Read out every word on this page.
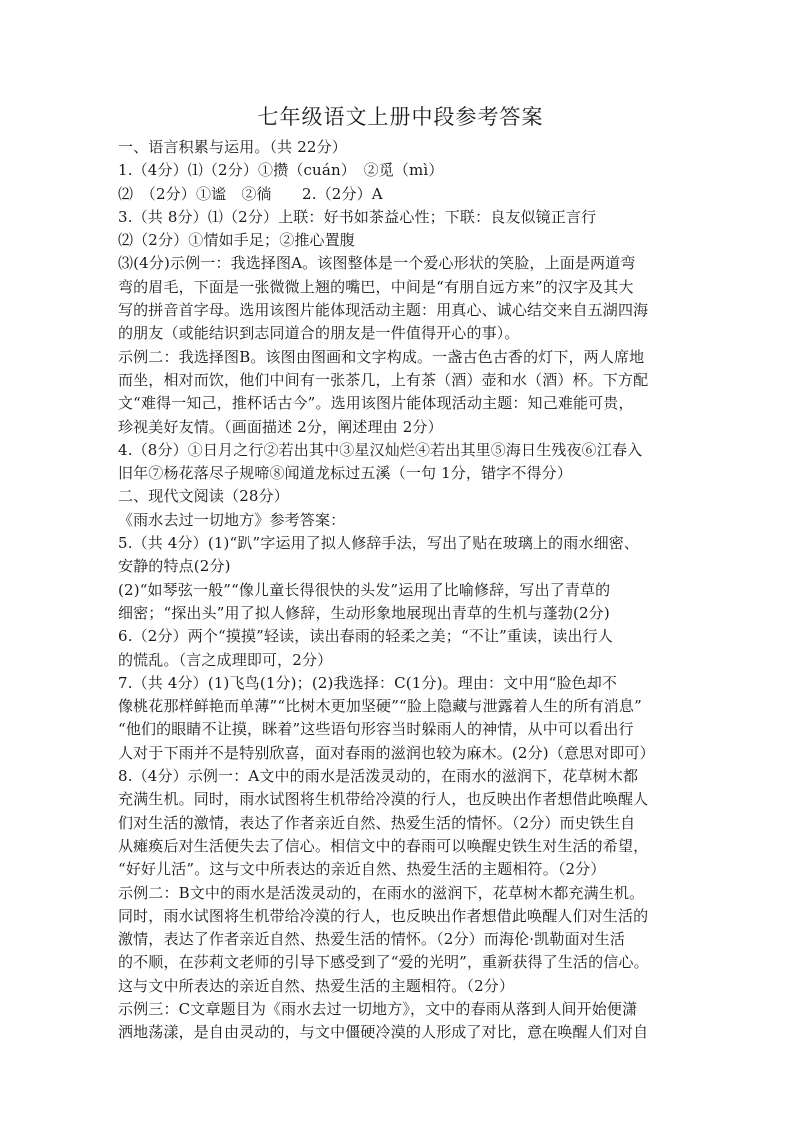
七年级语文上册中段参考答案
一、语言积累与运用。（共 22分）
1.（4分）⑴（2分）①攒（cuán）　②觅（mì）
⑵　（2分）①谧　②徜　　2.（2分）A
3.（共 8分）⑴（2分）上联：好书如茶益心性；下联：良友似镜正言行
⑵（2分）①情如手足；②推心置腹
⑶(4分)示例一：我选择图A。该图整体是一个爱心形状的笑脸，上面是两道弯
弯的眉毛，下面是一张微微上翘的嘴巴，中间是“有朋自远方来”的汉字及其大
写的拼音首字母。选用该图片能体现活动主题：用真心、诚心结交来自五湖四海
的朋友（或能结识到志同道合的朋友是一件值得开心的事）。
示例二：我选择图B。该图由图画和文字构成。一盏古色古香的灯下，两人席地
而坐，相对而饮，他们中间有一张茶几，上有茶（酒）壶和水（酒）杯。下方配
文“难得一知己，推杯话古今”。选用该图片能体现活动主题：知己难能可贵，
珍视美好友情。（画面描述 2分，阐述理由 2分）
4.（8分）①日月之行②若出其中③星汉灿烂④若出其里⑤海日生残夜⑥江春入
旧年⑦杨花落尽子规啼⑧闻道龙标过五溪（一句 1分，错字不得分）
二、现代文阅读（28分）
《雨水去过一切地方》参考答案：
5.（共 4分）(1)“趴”字运用了拟人修辞手法，写出了贴在玻璃上的雨水细密、
安静的特点(2分)
(2)“如琴弦一般”“像儿童长得很快的头发”运用了比喻修辞，写出了青草的
细密；“探出头”用了拟人修辞，生动形象地展现出青草的生机与蓬勃(2分)
6.（2分）两个“摸摸”轻读，读出春雨的轻柔之美；“不让”重读，读出行人
的慌乱。（言之成理即可，2分）
7.（共 4分）(1)飞鸟(1分)；(2)我选择：C(1分)。理由：文中用“脸色却不
像桃花那样鲜艳而单薄”“比树木更加坚硬”“脸上隐藏与泄露着人生的所有消息”
“他们的眼睛不让摸，眯着”这些语句形容当时躲雨人的神情，从中可以看出行
人对于下雨并不是特别欣喜，面对春雨的滋润也较为麻木。(2分)（意思对即可）
8.（4分）示例一：A文中的雨水是活泼灵动的，在雨水的滋润下，花草树木都
充满生机。同时，雨水试图将生机带给冷漠的行人，也反映出作者想借此唤醒人
们对生活的激情，表达了作者亲近自然、热爱生活的情怀。（2分）而史铁生自
从瘫痪后对生活便失去了信心。相信文中的春雨可以唤醒史铁生对生活的希望，
“好好儿活”。这与文中所表达的亲近自然、热爱生活的主题相符。（2分）
示例二：B文中的雨水是活泼灵动的，在雨水的滋润下，花草树木都充满生机。
同时，雨水试图将生机带给冷漠的行人，也反映出作者想借此唤醒人们对生活的
激情，表达了作者亲近自然、热爱生活的情怀。（2分）而海伦·凯勒面对生活
的不顺，在莎莉文老师的引导下感受到了“爱的光明”，重新获得了生活的信心。
这与文中所表达的亲近自然、热爱生活的主题相符。（2分）
示例三：C文章题目为《雨水去过一切地方》，文中的春雨从落到人间开始便潇
洒地荡漾，是自由灵动的，与文中僵硬冷漠的人形成了对比，意在唤醒人们对自
